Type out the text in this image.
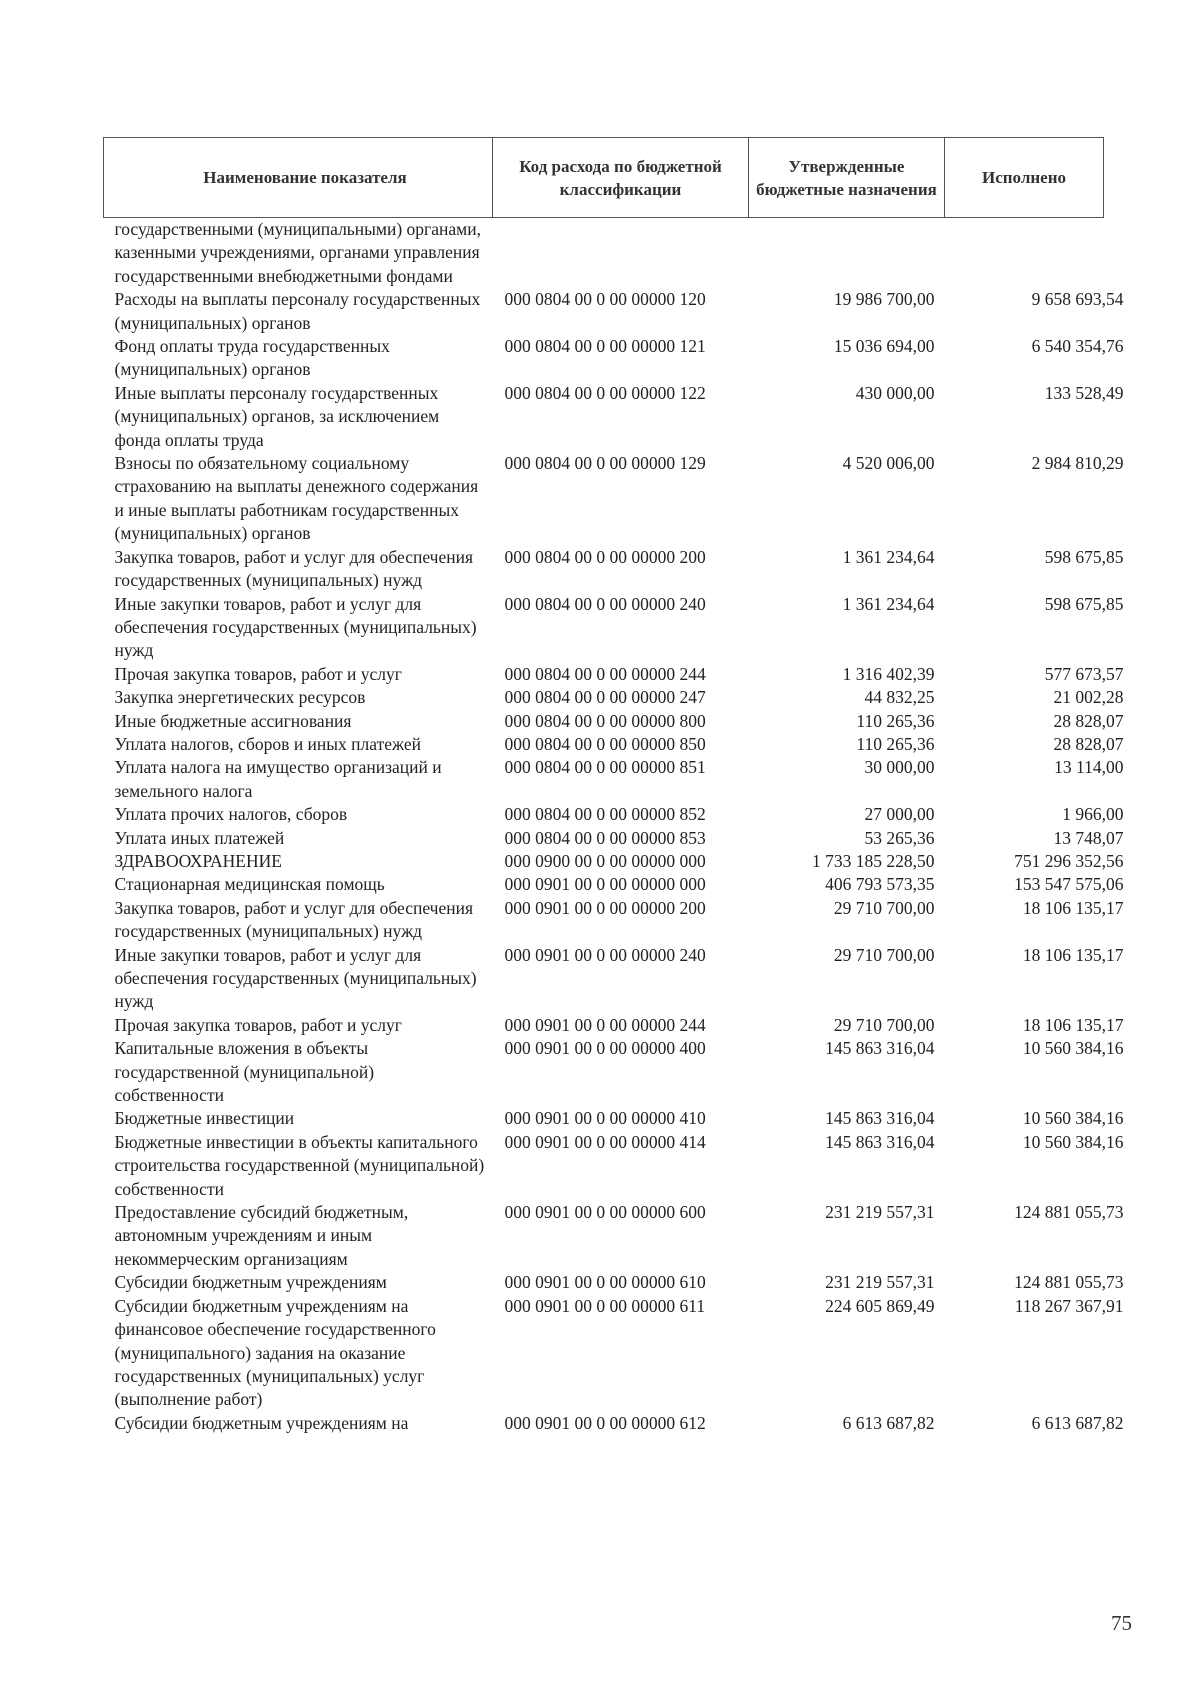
Наименование показателя	Код расхода по бюджетной классификации	Утвержденные бюджетные назначения	Исполнено
государственными (муниципальными) органами, казенными учреждениями, органами управления государственными внебюджетными фондами			
Расходы на выплаты персоналу государственных (муниципальных) органов	000 0804 00 0 00 00000 120	19 986 700,00	9 658 693,54
Фонд оплаты труда государственных (муниципальных) органов	000 0804 00 0 00 00000 121	15 036 694,00	6 540 354,76
Иные выплаты персоналу государственных (муниципальных) органов, за исключением фонда оплаты труда	000 0804 00 0 00 00000 122	430 000,00	133 528,49
Взносы по обязательному социальному страхованию на выплаты денежного содержания и иные выплаты работникам государственных (муниципальных) органов	000 0804 00 0 00 00000 129	4 520 006,00	2 984 810,29
Закупка товаров, работ и услуг для обеспечения государственных (муниципальных) нужд	000 0804 00 0 00 00000 200	1 361 234,64	598 675,85
Иные закупки товаров, работ и услуг для обеспечения государственных (муниципальных) нужд	000 0804 00 0 00 00000 240	1 361 234,64	598 675,85
Прочая закупка товаров, работ и услуг	000 0804 00 0 00 00000 244	1 316 402,39	577 673,57
Закупка энергетических ресурсов	000 0804 00 0 00 00000 247	44 832,25	21 002,28
Иные бюджетные ассигнования	000 0804 00 0 00 00000 800	110 265,36	28 828,07
Уплата налогов, сборов и иных платежей	000 0804 00 0 00 00000 850	110 265,36	28 828,07
Уплата налога на имущество организаций и земельного налога	000 0804 00 0 00 00000 851	30 000,00	13 114,00
Уплата прочих налогов, сборов	000 0804 00 0 00 00000 852	27 000,00	1 966,00
Уплата иных платежей	000 0804 00 0 00 00000 853	53 265,36	13 748,07
ЗДРАВООХРАНЕНИЕ	000 0900 00 0 00 00000 000	1 733 185 228,50	751 296 352,56
Стационарная медицинская помощь	000 0901 00 0 00 00000 000	406 793 573,35	153 547 575,06
Закупка товаров, работ и услуг для обеспечения государственных (муниципальных) нужд	000 0901 00 0 00 00000 200	29 710 700,00	18 106 135,17
Иные закупки товаров, работ и услуг для обеспечения государственных (муниципальных) нужд	000 0901 00 0 00 00000 240	29 710 700,00	18 106 135,17
Прочая закупка товаров, работ и услуг	000 0901 00 0 00 00000 244	29 710 700,00	18 106 135,17
Капитальные вложения в объекты государственной (муниципальной) собственности	000 0901 00 0 00 00000 400	145 863 316,04	10 560 384,16
Бюджетные инвестиции	000 0901 00 0 00 00000 410	145 863 316,04	10 560 384,16
Бюджетные инвестиции в объекты капитального строительства государственной (муниципальной) собственности	000 0901 00 0 00 00000 414	145 863 316,04	10 560 384,16
Предоставление субсидий бюджетным, автономным учреждениям и иным некоммерческим организациям	000 0901 00 0 00 00000 600	231 219 557,31	124 881 055,73
Субсидии бюджетным учреждениям	000 0901 00 0 00 00000 610	231 219 557,31	124 881 055,73
Субсидии бюджетным учреждениям на финансовое обеспечение государственного (муниципального) задания на оказание государственных (муниципальных) услуг (выполнение работ)	000 0901 00 0 00 00000 611	224 605 869,49	118 267 367,91
Субсидии бюджетным учреждениям на	000 0901 00 0 00 00000 612	6 613 687,82	6 613 687,82
75
